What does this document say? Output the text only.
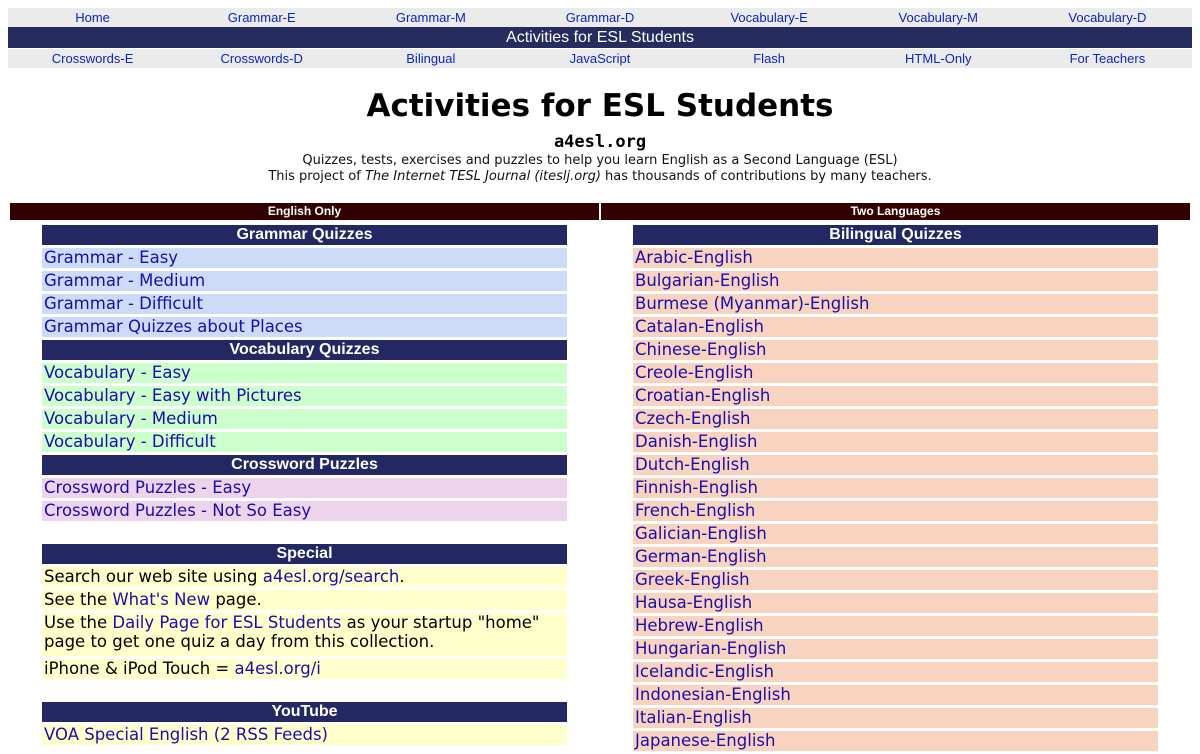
Home	Grammar-E	Grammar-M	Grammar-D	Vocabulary-E	Vocabulary-M	Vocabulary-D
Activities for ESL Students
Crosswords-E	Crosswords-D	Bilingual	JavaScript	Flash	HTML-Only	For Teachers
Activities for ESL Students
a4esl.org
Quizzes, tests, exercises and puzzles to help you learn English as a Second Language (ESL)
This project of The Internet TESL Journal (iteslj.org) has thousands of contributions by many teachers.
English Only	Two Languages
Grammar Quizzes
Grammar - Easy
Grammar - Medium
Grammar - Difficult
Grammar Quizzes about Places
Vocabulary Quizzes
Vocabulary - Easy
Vocabulary - Easy with Pictures
Vocabulary - Medium
Vocabulary - Difficult
Crossword Puzzles
Crossword Puzzles - Easy
Crossword Puzzles - Not So Easy
Special
Search our web site using a4esl.org/search.
See the What's New page.
Use the Daily Page for ESL Students as your startup "home" page to get one quiz a day from this collection.
iPhone & iPod Touch = a4esl.org/i
YouTube
VOA Special English (2 RSS Feeds)
Bilingual Quizzes
Arabic-English
Bulgarian-English
Burmese (Myanmar)-English
Catalan-English
Chinese-English
Creole-English
Croatian-English
Czech-English
Danish-English
Dutch-English
Finnish-English
French-English
Galician-English
German-English
Greek-English
Hausa-English
Hebrew-English
Hungarian-English
Icelandic-English
Indonesian-English
Italian-English
Japanese-English
